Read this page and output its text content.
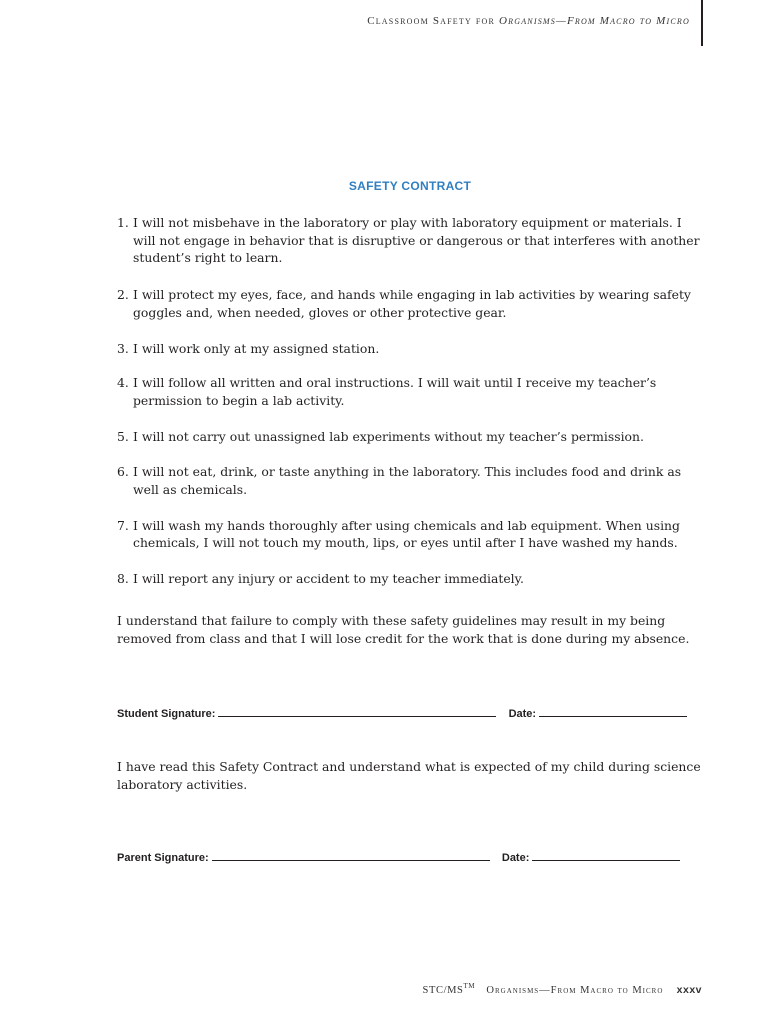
Classroom Safety for Organisms—From Macro to Micro
SAFETY CONTRACT
1. I will not misbehave in the laboratory or play with laboratory equipment or materials. I will not engage in behavior that is disruptive or dangerous or that interferes with another student’s right to learn.
2. I will protect my eyes, face, and hands while engaging in lab activities by wearing safety goggles and, when needed, gloves or other protective gear.
3. I will work only at my assigned station.
4. I will follow all written and oral instructions. I will wait until I receive my teacher’s permission to begin a lab activity.
5. I will not carry out unassigned lab experiments without my teacher’s permission.
6. I will not eat, drink, or taste anything in the laboratory. This includes food and drink as well as chemicals.
7. I will wash my hands thoroughly after using chemicals and lab equipment. When using chemicals, I will not touch my mouth, lips, or eyes until after I have washed my hands.
8. I will report any injury or accident to my teacher immediately.

I understand that failure to comply with these safety guidelines may result in my being removed from class and that I will lose credit for the work that is done during my absence.

Student Signature:	Date:

I have read this Safety Contract and understand what is expected of my child during science laboratory activities.

Parent Signature:	Date:
STC/MS™ Organisms—From Macro to Micro xxxv
